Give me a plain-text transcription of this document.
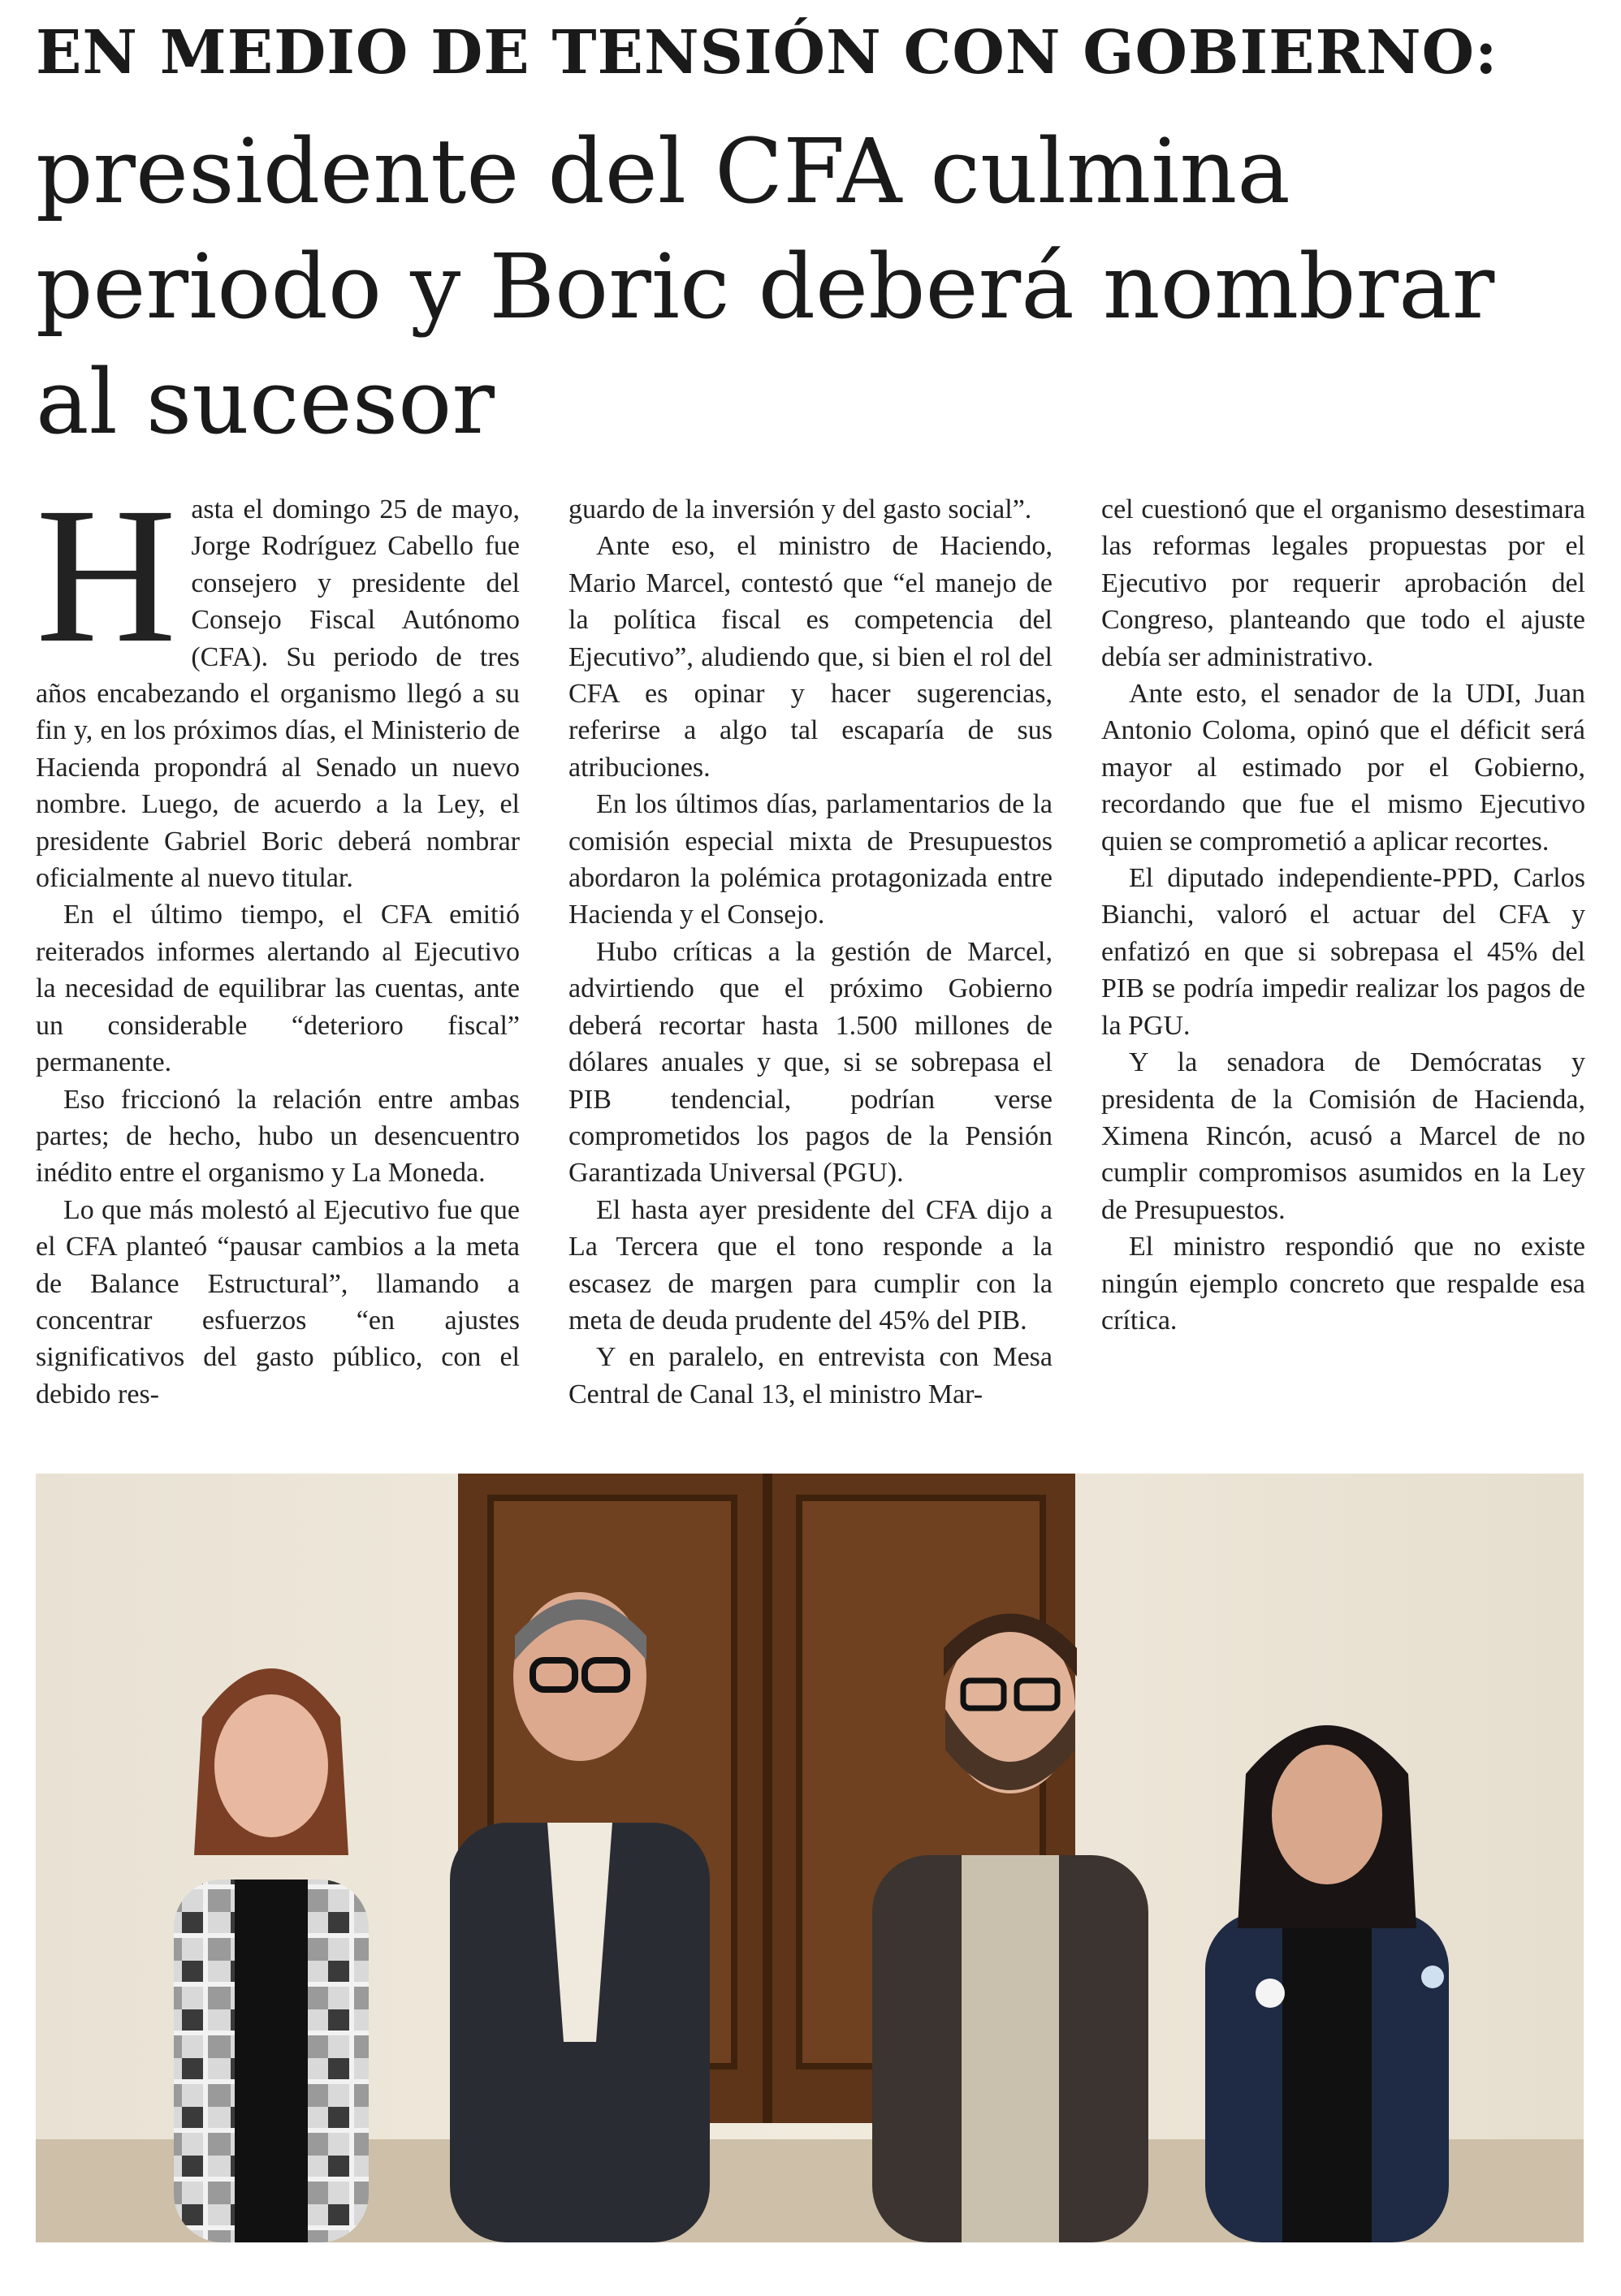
EN MEDIO DE TENSIÓN CON GOBIERNO:
presidente del CFA culmina periodo y Boric deberá nombrar al sucesor

Hasta el domingo 25 de mayo, Jorge Rodríguez Cabello fue consejero y presidente del Consejo Fiscal Autónomo (CFA). Su periodo de tres años encabezando el organismo llegó a su fin y, en los próximos días, el Ministerio de Hacienda propondrá al Senado un nuevo nombre. Luego, de acuerdo a la Ley, el presidente Gabriel Boric deberá nombrar oficialmente al nuevo titular.

En el último tiempo, el CFA emitió reiterados informes alertando al Ejecutivo la necesidad de equilibrar las cuentas, ante un considerable “deterioro fiscal” permanente.

Eso friccionó la relación entre ambas partes; de hecho, hubo un desencuentro inédito entre el organismo y La Moneda.

Lo que más molestó al Ejecutivo fue que el CFA planteó “pausar cambios a la meta de Balance Estructural”, llamando a concentrar esfuerzos “en ajustes significativos del gasto público, con el debido res-

guardo de la inversión y del gasto social”.

Ante eso, el ministro de Haciendo, Mario Marcel, contestó que “el manejo de la política fiscal es competencia del Ejecutivo”, aludiendo que, si bien el rol del CFA es opinar y hacer sugerencias, referirse a algo tal escaparía de sus atribuciones.

En los últimos días, parlamentarios de la comisión especial mixta de Presupuestos abordaron la polémica protagonizada entre Hacienda y el Consejo.

Hubo críticas a la gestión de Marcel, advirtiendo que el próximo Gobierno deberá recortar hasta 1.500 millones de dólares anuales y que, si se sobrepasa el PIB tendencial, podrían verse comprometidos los pagos de la Pensión Garantizada Universal (PGU).

El hasta ayer presidente del CFA dijo a La Tercera que el tono responde a la escasez de margen para cumplir con la meta de deuda prudente del 45% del PIB.

Y en paralelo, en entrevista con Mesa Central de Canal 13, el ministro Mar-

cel cuestionó que el organismo desestimara las reformas legales propuestas por el Ejecutivo por requerir aprobación del Congreso, planteando que todo el ajuste debía ser administrativo.

Ante esto, el senador de la UDI, Juan Antonio Coloma, opinó que el déficit será mayor al estimado por el Gobierno, recordando que fue el mismo Ejecutivo quien se comprometió a aplicar recortes.

El diputado independiente-PPD, Carlos Bianchi, valoró el actuar del CFA y enfatizó en que si sobrepasa el 45% del PIB se podría impedir realizar los pagos de la PGU.

Y la senadora de Demócratas y presidenta de la Comisión de Hacienda, Ximena Rincón, acusó a Marcel de no cumplir compromisos asumidos en la Ley de Presupuestos.

El ministro respondió que no existe ningún ejemplo concreto que respalde esa crítica.
